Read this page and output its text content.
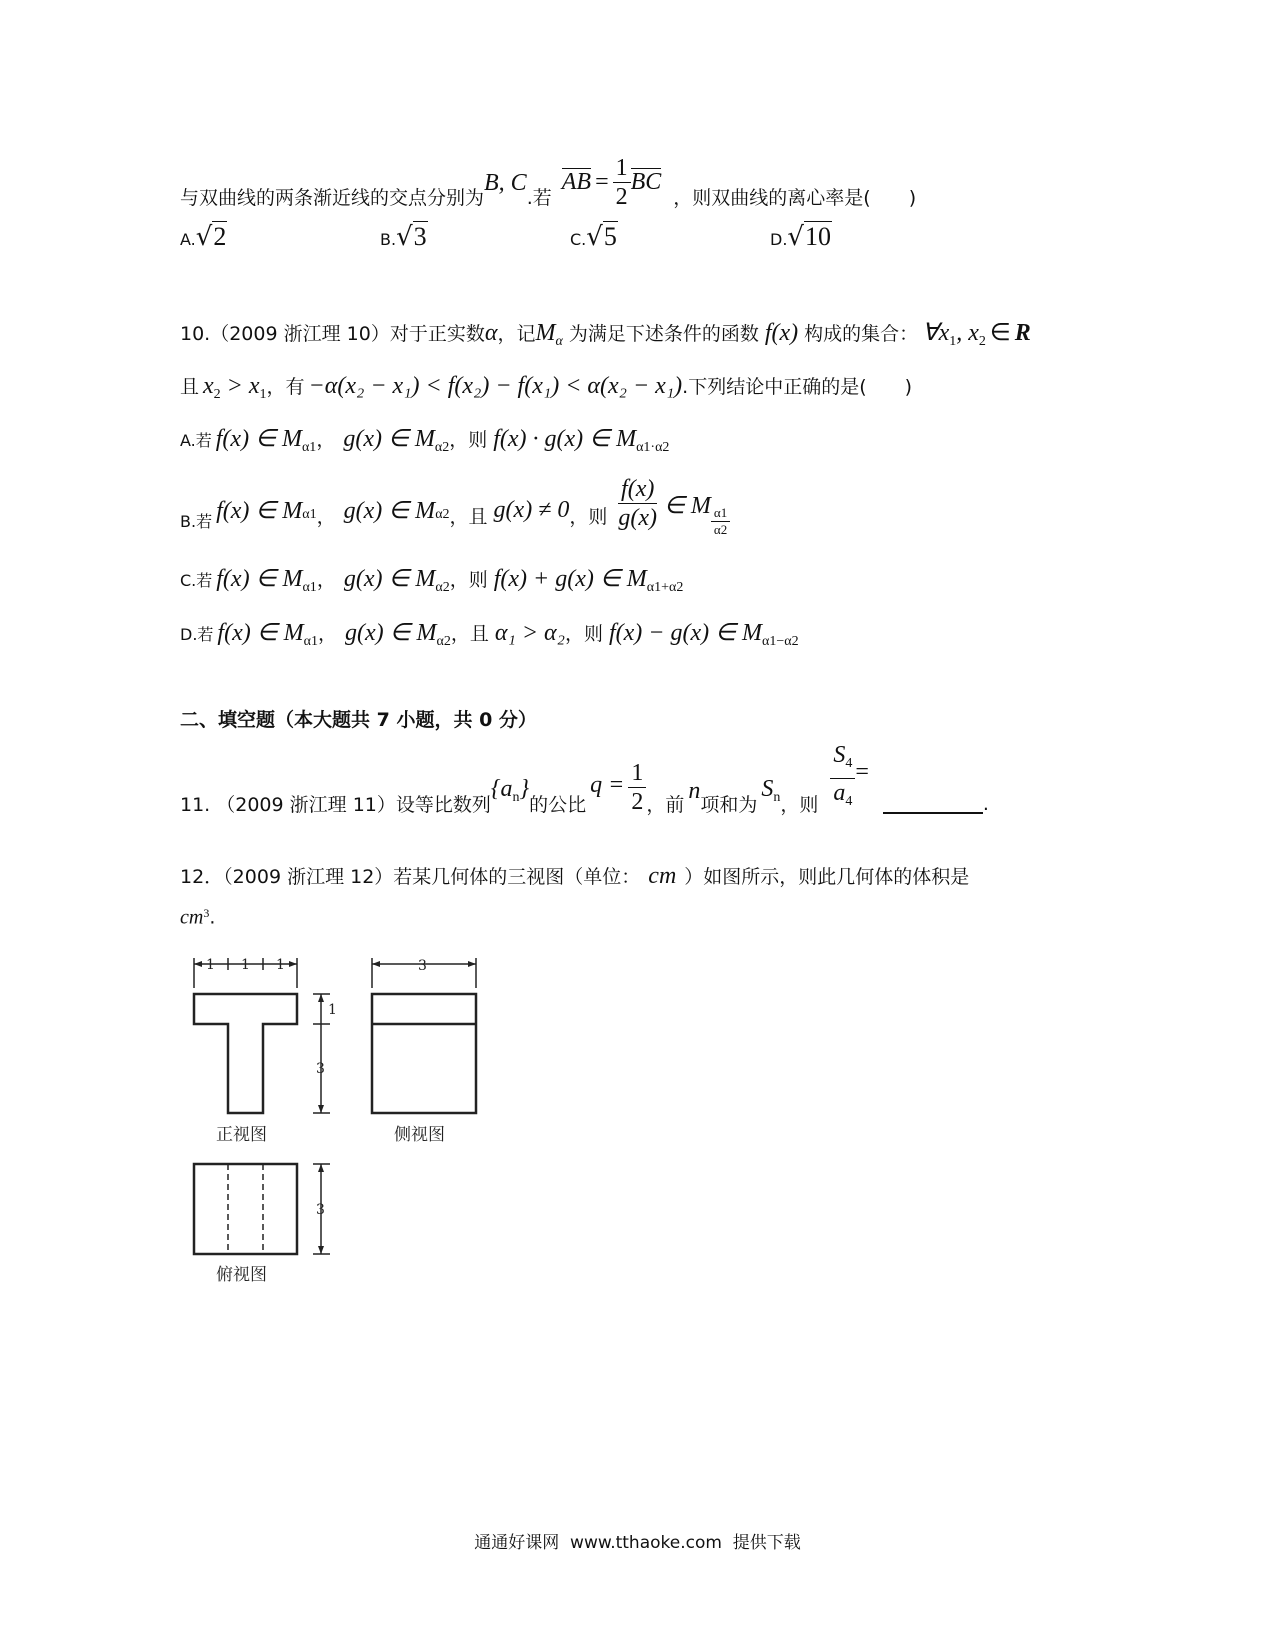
与双曲线的两条渐近线的交点分别为
B, C
.若
AB = $\frac{1}{2}$ BC
，则双曲线的离心率是(　　)
A.√2	B.√3	C.√5	D.√10
10.（2009 浙江理 10）对于正实数α，记Mα 为满足下述条件的函数 f(x) 构成的集合： ∀x1, x2 ∈ R
且 $x_2 > x_1$，有 −α(x₂ − x₁) < f(x₂) − f(x₁) < α(x₂ − x₁).下列结论中正确的是(　　)
A.若 f(x) ∈ Mα1， g(x) ∈ Mα2，则 f(x) · g(x) ∈ Mα1·α2
B.若 f(x) ∈ M α1 ， g(x) ∈ M α2 ，且 g(x) ≠ 0 ，则 $\frac{f(x)}{g(x)}$ ∈ M $\frac{\alpha 1}{\alpha 2}$
C.若 f(x) ∈ Mα1， g(x) ∈ Mα2，则 f(x) + g(x) ∈ Mα1+α2
D.若 f(x) ∈ Mα1， g(x) ∈ Mα2，且 α₁ > α₂，则 f(x) − g(x) ∈ Mα1−α2
二、填空题（本大题共 7 小题，共 0 分）
11. （2009 浙江理 11）设等比数列
$\{a_n\}$
的公比
$q = \frac{1}{2}$ ，前
n
项和为
$S_n$ ，则 $\frac{S_4}{a_4}$ =
.
12．（2009 浙江理 12）若某几何体的三视图（单位： cm ）如图所示，则此几何体的体积是
$cm^3$.
1 1 1
1
3
3
3
正视图	侧视图
俯视图
通通好课网  www.tthaoke.com  提供下载
